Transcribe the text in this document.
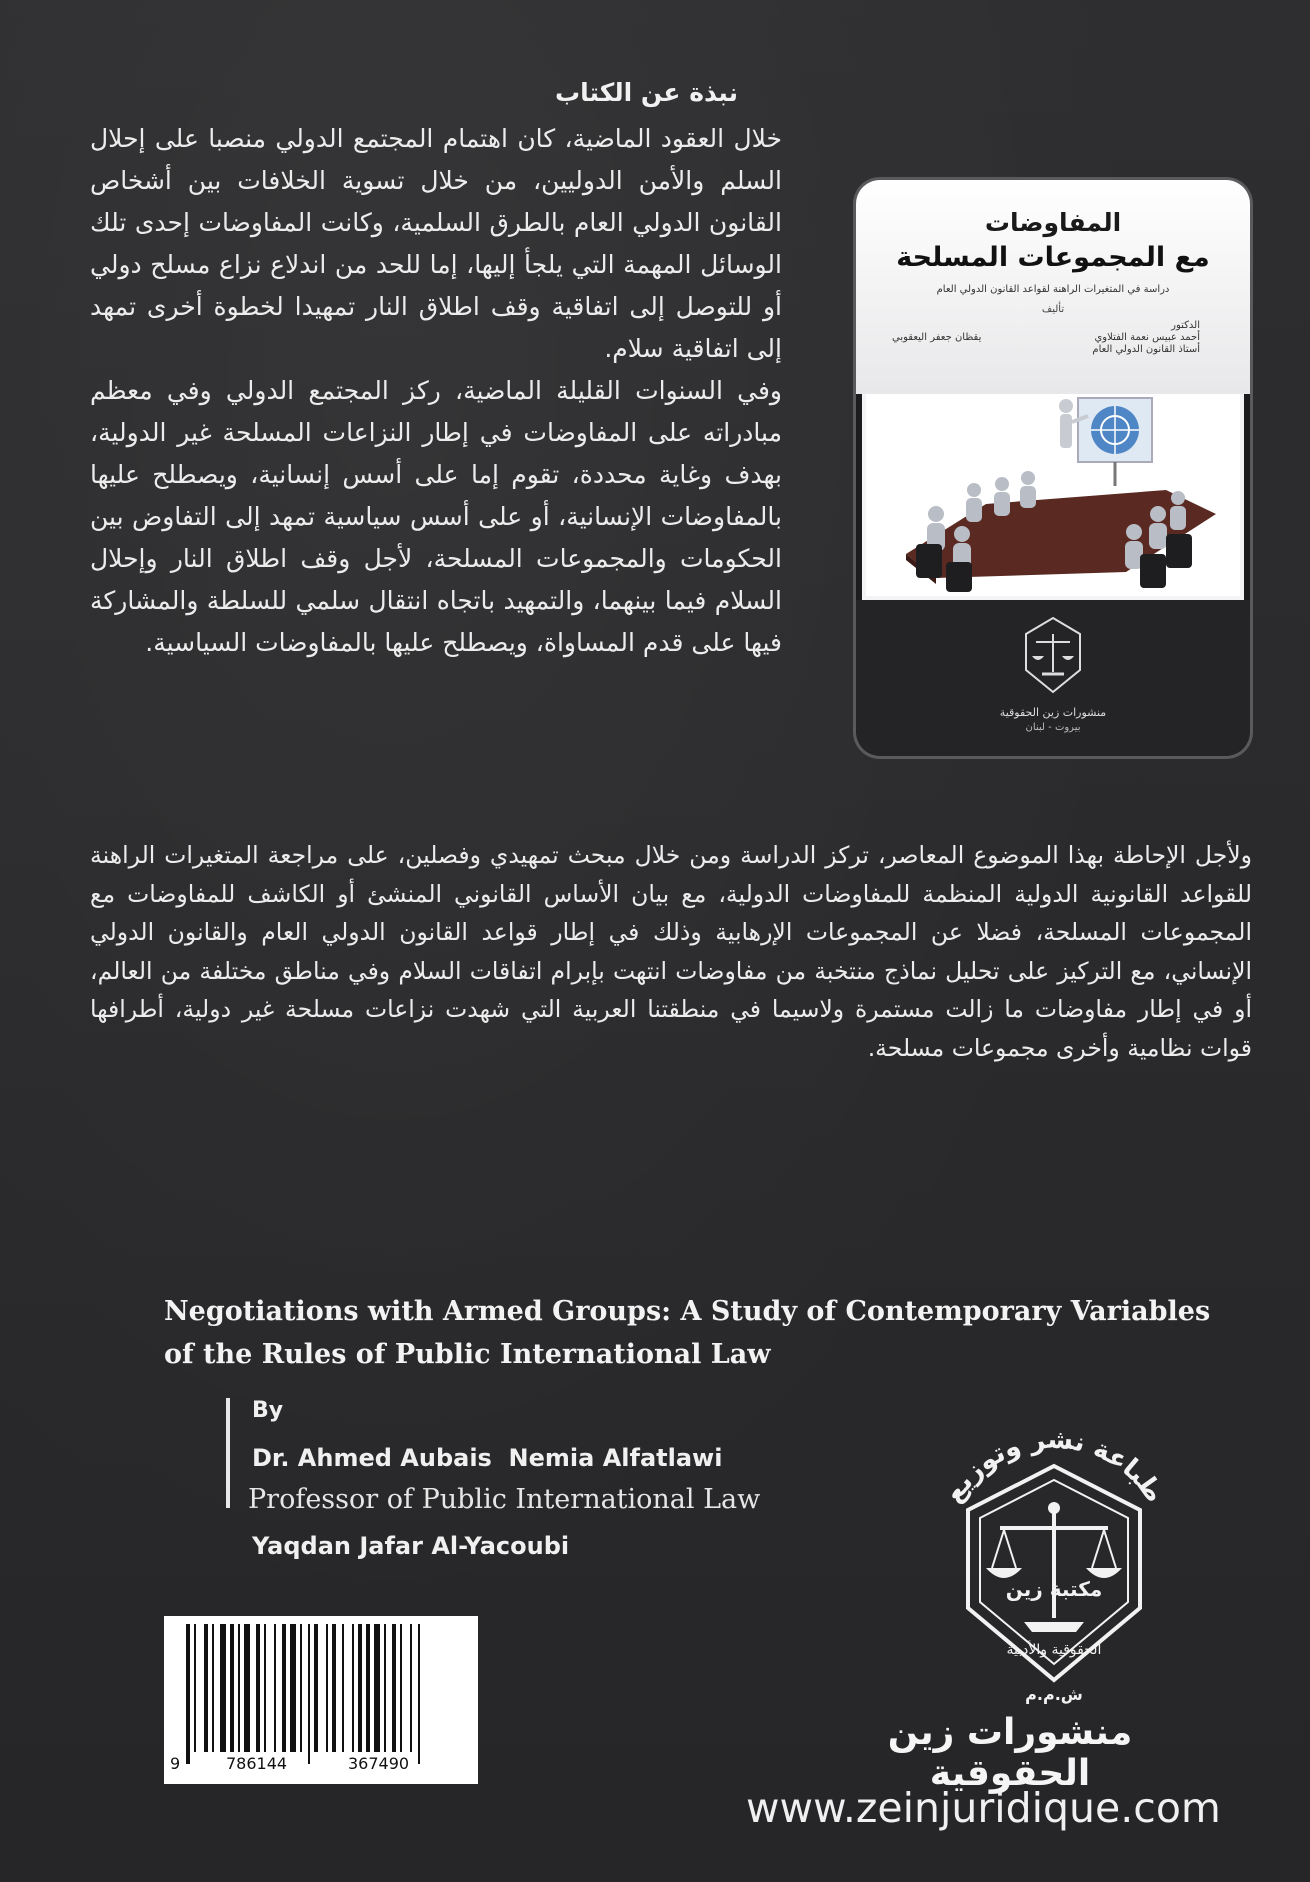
نبذة عن الكتاب

خلال العقود الماضية، كان اهتمام المجتمع الدولي منصبا على إحلال السلم والأمن الدوليين، من خلال تسوية الخلافات بين أشخاص القانون الدولي العام بالطرق السلمية، وكانت المفاوضات إحدى تلك الوسائل المهمة التي يلجأ إليها، إما للحد من اندلاع نزاع مسلح دولي أو للتوصل إلى اتفاقية وقف اطلاق النار تمهيدا لخطوة أخرى تمهد إلى اتفاقية سلام.

وفي السنوات القليلة الماضية، ركز المجتمع الدولي وفي معظم مبادراته على المفاوضات في إطار النزاعات المسلحة غير الدولية، بهدف وغاية محددة، تقوم إما على أسس إنسانية، ويصطلح عليها بالمفاوضات الإنسانية، أو على أسس سياسية تمهد إلى التفاوض بين الحكومات والمجموعات المسلحة، لأجل وقف اطلاق النار وإحلال السلام فيما بينهما، والتمهيد باتجاه انتقال سلمي للسلطة والمشاركة فيها على قدم المساواة، ويصطلح عليها بالمفاوضات السياسية.

ولأجل الإحاطة بهذا الموضوع المعاصر، تركز الدراسة ومن خلال مبحث تمهيدي وفصلين، على مراجعة المتغيرات الراهنة للقواعد القانونية الدولية المنظمة للمفاوضات الدولية، مع بيان الأساس القانوني المنشئ أو الكاشف للمفاوضات مع المجموعات المسلحة، فضلا عن المجموعات الإرهابية وذلك في إطار قواعد القانون الدولي العام والقانون الدولي الإنساني، مع التركيز على تحليل نماذج منتخبة من مفاوضات انتهت بإبرام اتفاقات السلام وفي مناطق مختلفة من العالم، أو في إطار مفاوضات ما زالت مستمرة ولاسيما في منطقتنا العربية التي شهدت نزاعات مسلحة غير دولية، أطرافها قوات نظامية وأخرى مجموعات مسلحة.

المفاوضات
مع المجموعات المسلحة
دراسة في المتغيرات الراهنة لقواعد القانون الدولي العام
تأليف
الدكتور
أحمد عبيس نعمة الفتلاوي
أستاذ القانون الدولي العام
يقظان جعفر اليعقوبي
منشورات زين الحقوقية
بيروت - لبنان
Negotiations with Armed Groups: A Study of Contemporary Variables of the Rules of Public International Law
By
Dr. Ahmed Aubais  Nemia Alfatlawi
Professor of Public International Law
Yaqdan Jafar Al-Yacoubi
9	786144	367490
طباعة نشر وتوزيع
مكتبة زين
الحقوقية والأدبية
ش.م.م
منشورات زين الحقوقية
www.zeinjuridique.com
